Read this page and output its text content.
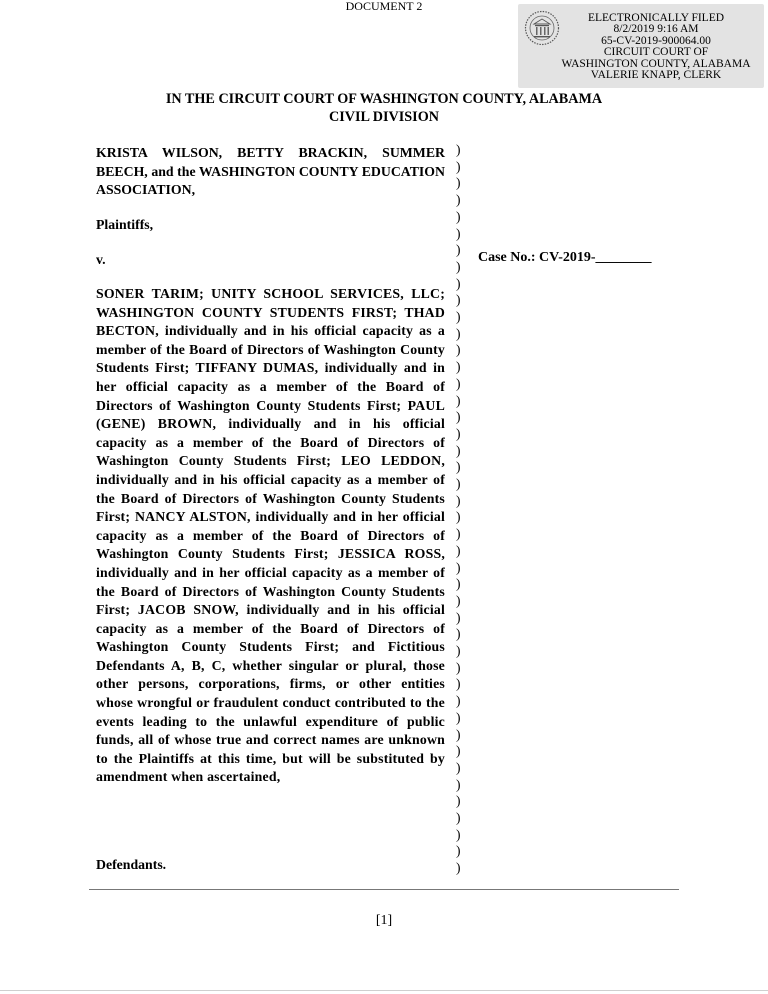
DOCUMENT 2
ELECTRONICALLY FILED
8/2/2019 9:16 AM
65-CV-2019-900064.00
CIRCUIT COURT OF
WASHINGTON COUNTY, ALABAMA
VALERIE KNAPP, CLERK
IN THE CIRCUIT COURT OF WASHINGTON COUNTY, ALABAMA
CIVIL DIVISION
KRISTA WILSON, BETTY BRACKIN, SUMMER BEECH, and the WASHINGTON COUNTY EDUCATION ASSOCIATION,
Plaintiffs,
v.
SONER TARIM; UNITY SCHOOL SERVICES, LLC; WASHINGTON COUNTY STUDENTS FIRST; THAD BECTON, individually and in his official capacity as a member of the Board of Directors of Washington County Students First; TIFFANY DUMAS, individually and in her official capacity as a member of the Board of Directors of Washington County Students First; PAUL (GENE) BROWN, individually and in his official capacity as a member of the Board of Directors of Washington County Students First; LEO LEDDON, individually and in his official capacity as a member of the Board of Directors of Washington County Students First; NANCY ALSTON, individually and in her official capacity as a member of the Board of Directors of Washington County Students First; JESSICA ROSS, individually and in her official capacity as a member of the Board of Directors of Washington County Students First; JACOB SNOW, individually and in his official capacity as a member of the Board of Directors of Washington County Students First; and Fictitious Defendants A, B, C, whether singular or plural, those other persons, corporations, firms, or other entities whose wrongful or fraudulent conduct contributed to the events leading to the unlawful expenditure of public funds, all of whose true and correct names are unknown to the Plaintiffs at this time, but will be substituted by amendment when ascertained,
Defendants.
)
)
)
)
)
)
)
)
)
)
)
)
)
)
)
)
)
)
)
)
)
)
)
)
)
)
)
)
)
)
)
)
)
)
)
)
)
)
)
)
)
)
)
)
Case No.: CV-2019-________
[1]
